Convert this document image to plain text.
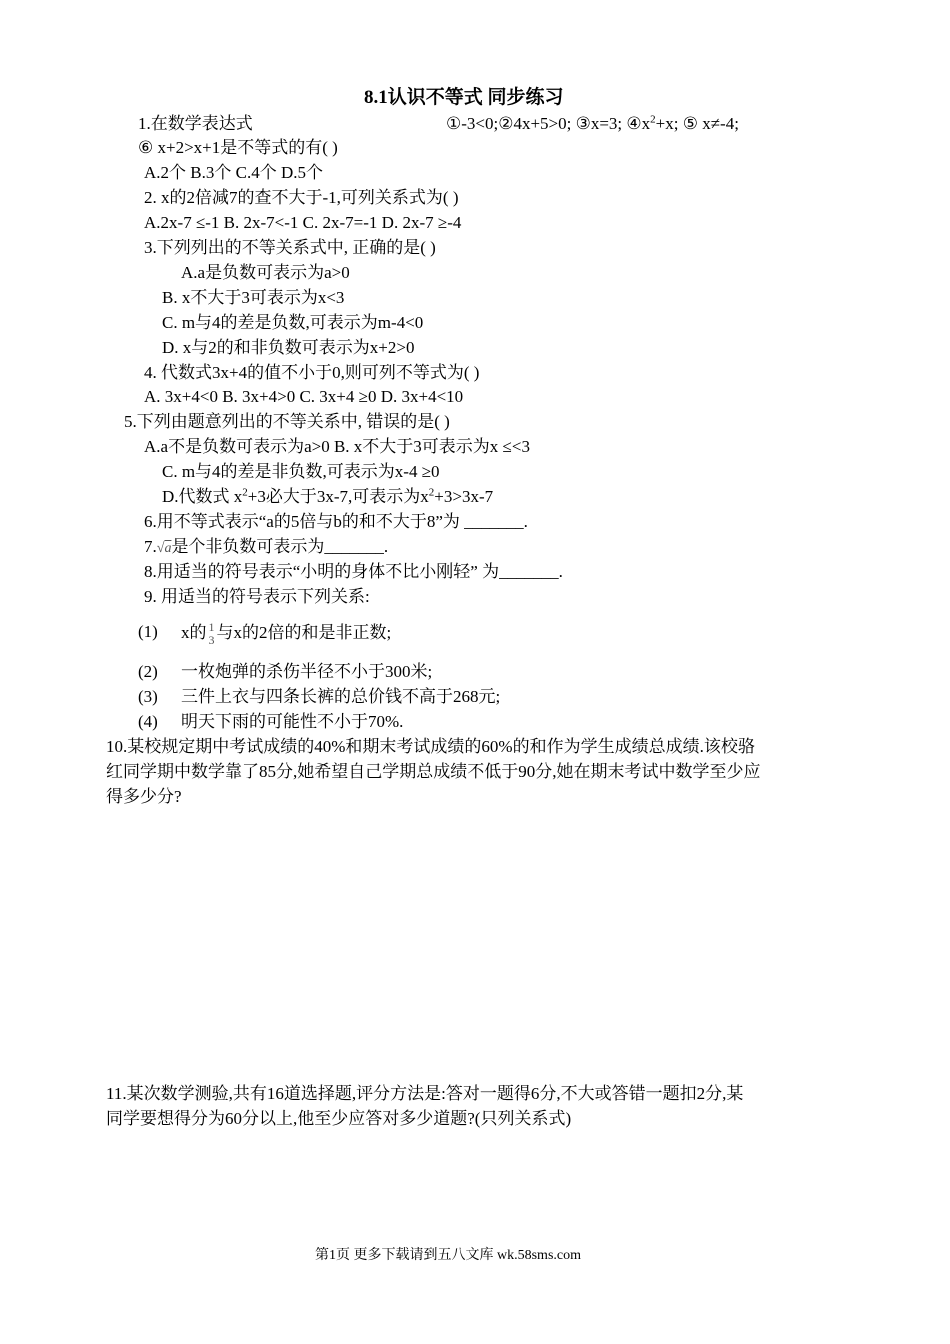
8.1认识不等式 同步练习
1.在数学表达式	①-3<0;②4x+5>0; ③x=3; $④x^2+x$; ⑤ x≠-4;
⑥ x+2>x+1是不等式的有( )
A.2个 B.3个 C.4个 D.5个
2. x的2倍减7的查不大于-1,可列关系式为( )
A.2x-7 ≤-1 B. 2x-7<-1 C. 2x-7=-1 D. 2x-7 ≥-4
3.下列列出的不等关系式中, 正确的是( )
A.a是负数可表示为a>0
B. x不大于3可表示为x<3
C. m与4的差是负数,可表示为m-4<0
D. x与2的和非负数可表示为x+2>0
4. 代数式3x+4的值不小于0,则可列不等式为( )
A. 3x+4<0 B. 3x+4>0 C. 3x+4 ≥0 D. 3x+4<10
5.下列由题意列出的不等关系中, 错误的是( )
A.a不是负数可表示为a>0 B. x不大于3可表示为x ≤<3
C. m与4的差是非负数,可表示为x-4 ≥0
D.代数式 $x^2+3$必大于3x-7,可表示为$x^2+3>3x-7$
6.用不等式表示“a的5倍与b的和不大于8”为 _______.
7.√a是个非负数可表示为_______.
8.用适当的符号表示“小明的身体不比小刚轻” 为_______.
9. 用适当的符号表示下列关系:
(1) x的 1
3 与x的2倍的和是非正数;
(2) 一枚炮弹的杀伤半径不小于300米;
(3) 三件上衣与四条长裤的总价钱不高于268元;
(4) 明天下雨的可能性不小于70%.
10.某校规定期中考试成绩的40%和期末考试成绩的60%的和作为学生成绩总成绩.该校骆
红同学期中数学靠了85分,她希望自己学期总成绩不低于90分,她在期末考试中数学至少应
得多少分?
11.某次数学测验,共有16道选择题,评分方法是:答对一题得6分,不大或答错一题扣2分,某
同学要想得分为60分以上,他至少应答对多少道题?(只列关系式)
第1页 更多下载请到五八文库 wk.58sms.com
